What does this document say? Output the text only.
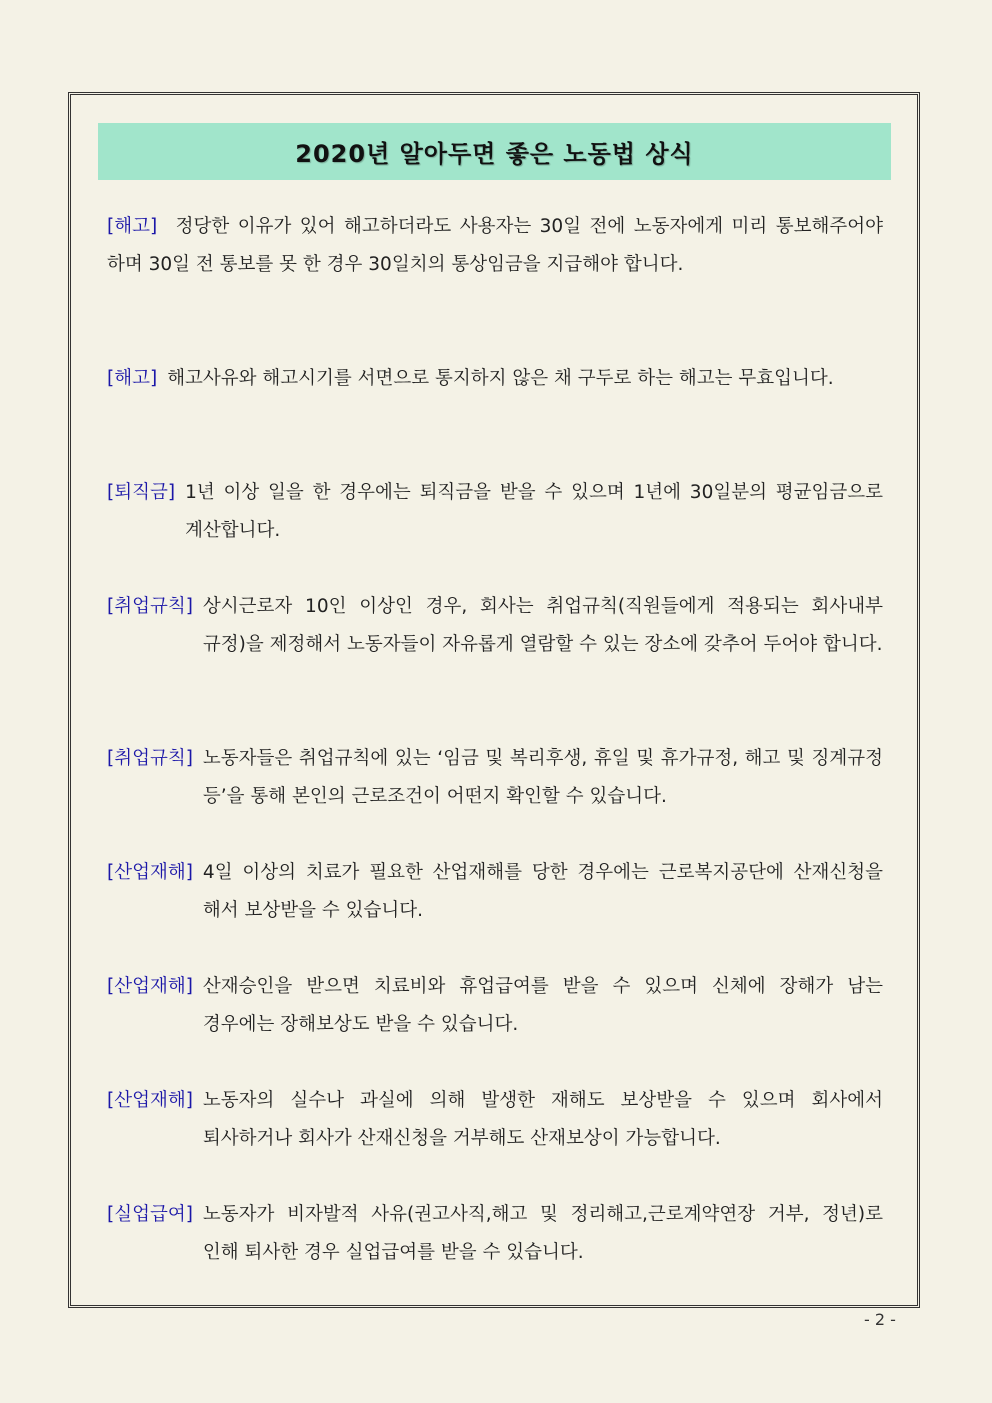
2020년 알아두면 좋은 노동법 상식
[해고] 정당한 이유가 있어 해고하더라도 사용자는 30일 전에 노동자에게 미리 통보해주어야 하며 30일 전 통보를 못 한 경우 30일치의 통상임금을 지급해야 합니다.
[해고] 해고사유와 해고시기를 서면으로 통지하지 않은 채 구두로 하는 해고는 무효입니다.
[퇴직금] 1년 이상 일을 한 경우에는 퇴직금을 받을 수 있으며 1년에 30일분의 평균임금으로 계산합니다.
[취업규칙] 상시근로자 10인 이상인 경우, 회사는 취업규칙(직원들에게 적용되는 회사내부 규정)을 제정해서 노동자들이 자유롭게 열람할 수 있는 장소에 갖추어 두어야 합니다.
[취업규칙] 노동자들은 취업규칙에 있는 ‘임금 및 복리후생, 휴일 및 휴가규정, 해고 및 징계규정 등’을 통해 본인의 근로조건이 어떤지 확인할 수 있습니다.
[산업재해] 4일 이상의 치료가 필요한 산업재해를 당한 경우에는 근로복지공단에 산재신청을 해서 보상받을 수 있습니다.
[산업재해] 산재승인을 받으면 치료비와 휴업급여를 받을 수 있으며 신체에 장해가 남는 경우에는 장해보상도 받을 수 있습니다.
[산업재해] 노동자의 실수나 과실에 의해 발생한 재해도 보상받을 수 있으며 회사에서 퇴사하거나 회사가 산재신청을 거부해도 산재보상이 가능합니다.
[실업급여] 노동자가 비자발적 사유(권고사직,해고 및 정리해고,근로계약연장 거부, 정년)로 인해 퇴사한 경우 실업급여를 받을 수 있습니다.
- 2 -
